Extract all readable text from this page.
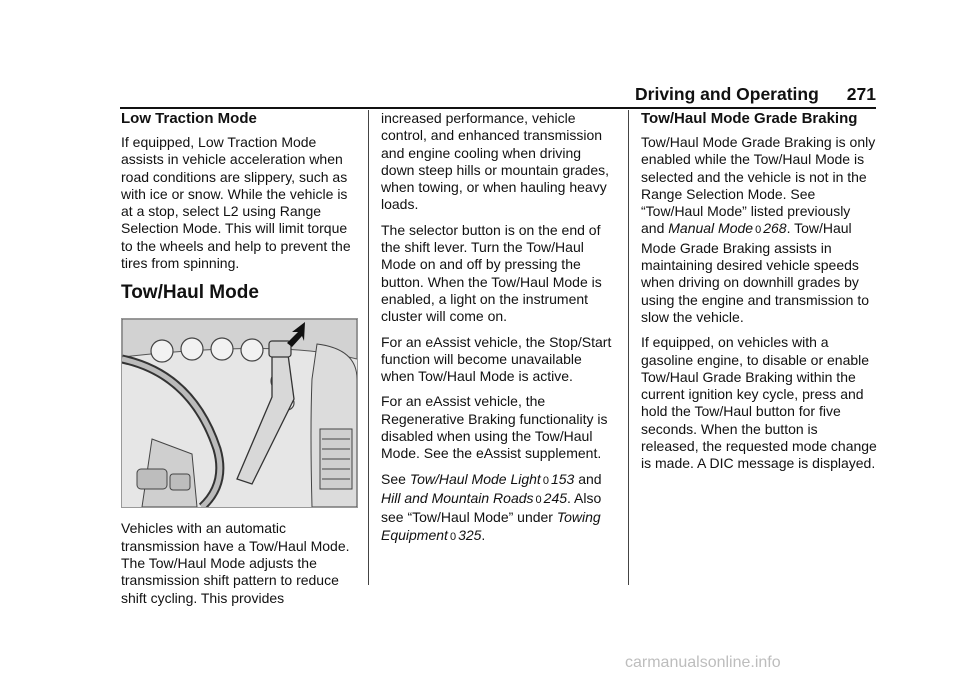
Driving and Operating 271
Low Traction Mode

If equipped, Low Traction Mode assists in vehicle acceleration when road conditions are slippery, such as with ice or snow. While the vehicle is at a stop, select L2 using Range Selection Mode. This will limit torque to the wheels and help to prevent the tires from spinning.

Tow/Haul Mode

Vehicles with an automatic transmission have a Tow/Haul Mode. The Tow/Haul Mode adjusts the transmission shift pattern to reduce shift cycling. This provides

increased performance, vehicle control, and enhanced transmission and engine cooling when driving down steep hills or mountain grades, when towing, or when hauling heavy loads.

The selector button is on the end of the shift lever. Turn the Tow/Haul Mode on and off by pressing the button. When the Tow/Haul Mode is enabled, a light on the instrument cluster will come on.

For an eAssist vehicle, the Stop/Start function will become unavailable when Tow/Haul Mode is active.

For an eAssist vehicle, the Regenerative Braking functionality is disabled when using the Tow/Haul Mode. See the eAssist supplement.

See Tow/Haul Mode Light 0 153 and Hill and Mountain Roads 0 245. Also see “Tow/Haul Mode” under Towing Equipment 0 325.

Tow/Haul Mode Grade Braking

Tow/Haul Mode Grade Braking is only enabled while the Tow/Haul Mode is selected and the vehicle is not in the Range Selection Mode. See “Tow/Haul Mode” listed previously and Manual Mode 0 268. Tow/Haul Mode Grade Braking assists in maintaining desired vehicle speeds when driving on downhill grades by using the engine and transmission to slow the vehicle.

If equipped, on vehicles with a gasoline engine, to disable or enable Tow/Haul Grade Braking within the current ignition key cycle, press and hold the Tow/Haul button for five seconds. When the button is released, the requested mode change is made. A DIC message is displayed.

carmanualsonline.info
